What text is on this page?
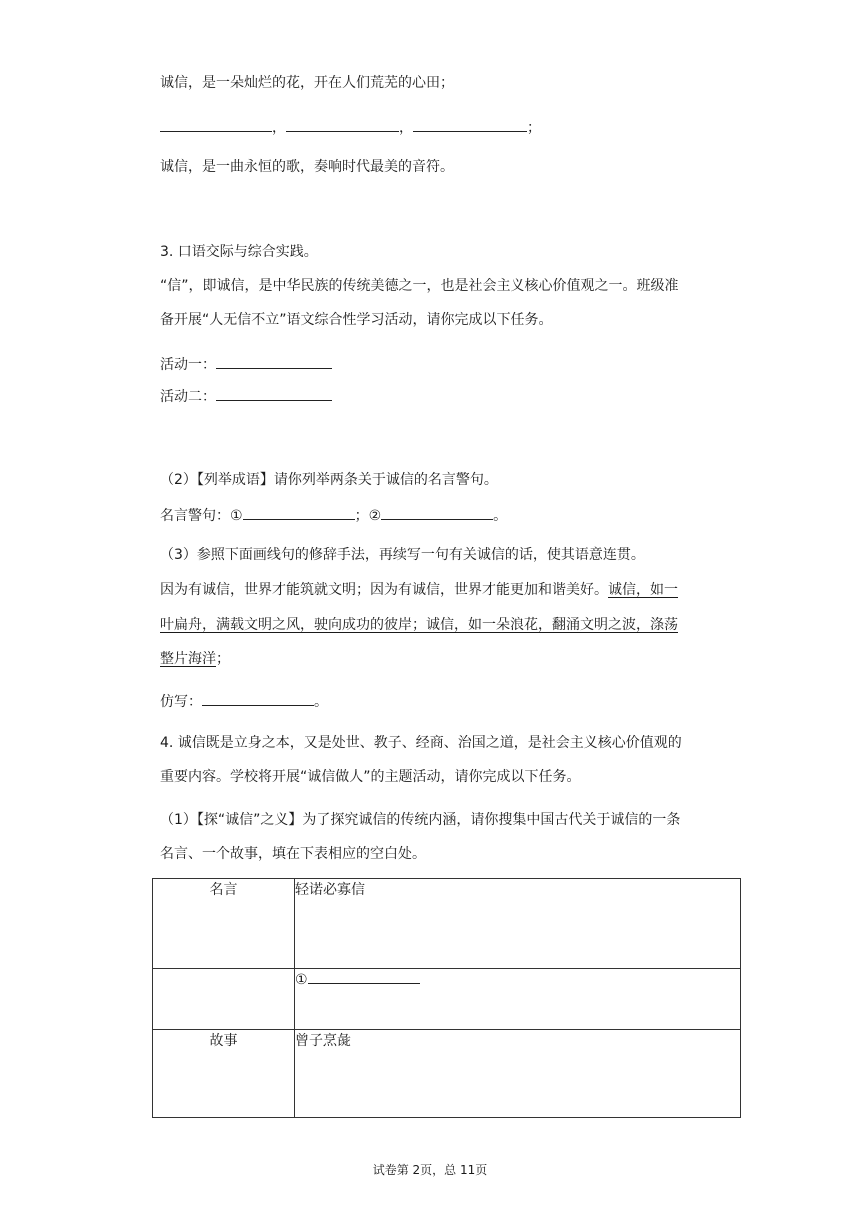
诚信，是一朵灿烂的花，开在人们荒芜的心田；
，	，	；
诚信，是一曲永恒的歌，奏响时代最美的音符。
3. 口语交际与综合实践。
“信”，即诚信，是中华民族的传统美德之一，也是社会主义核心价值观之一。班级准
备开展“人无信不立”语文综合性学习活动，请你完成以下任务。
活动一：
活动二：
（2）【列举成语】请你列举两条关于诚信的名言警句。
名言警句：①	；②	。
（3）参照下面画线句的修辞手法，再续写一句有关诚信的话，使其语意连贯。
因为有诚信，世界才能筑就文明；因为有诚信，世界才能更加和谐美好。诚信，如一
叶扁舟，满载文明之风，驶向成功的彼岸；诚信，如一朵浪花，翻涌文明之波，涤荡
整片海洋；
仿写：	。
4. 诚信既是立身之本，又是处世、教子、经商、治国之道，是社会主义核心价值观的
重要内容。学校将开展“诚信做人”的主题活动，请你完成以下任务。
（1）【探“诚信”之义】为了探究诚信的传统内涵，请你搜集中国古代关于诚信的一条
名言、一个故事，填在下表相应的空白处。
名言	轻诺必寡信
	①
故事	曾子烹彘
试卷第 2页，总 11页
